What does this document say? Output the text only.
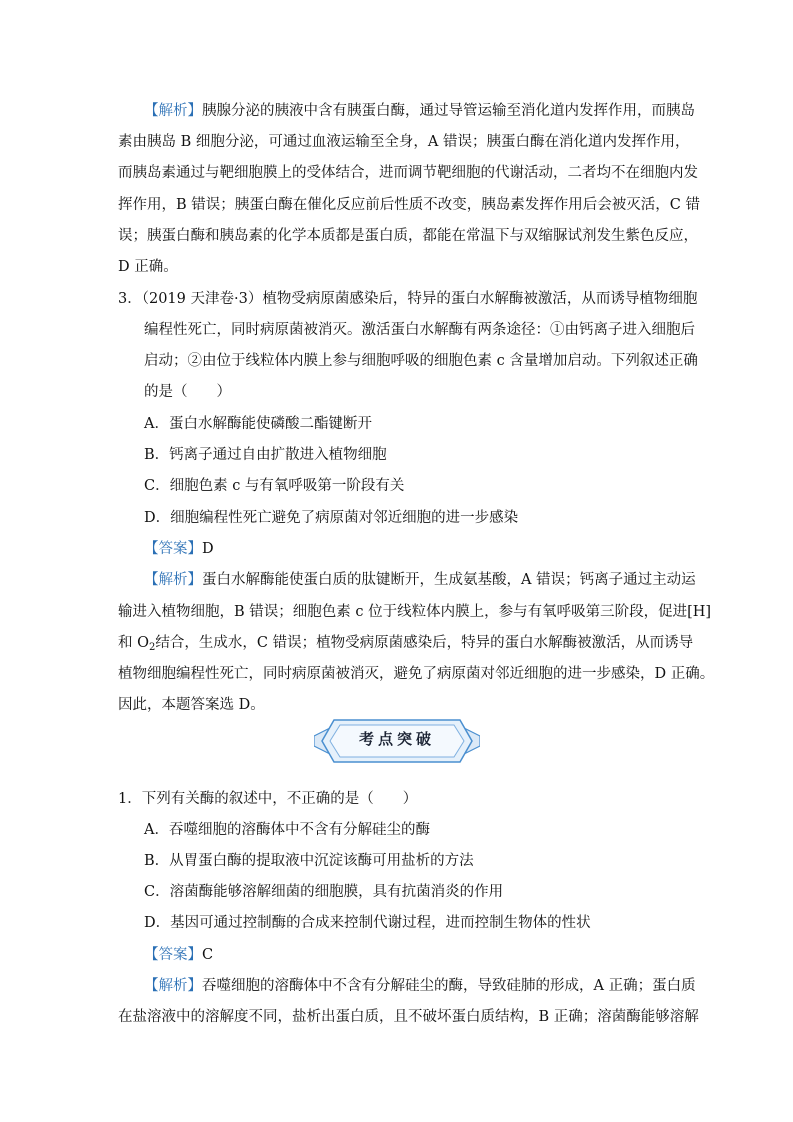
【解析】胰腺分泌的胰液中含有胰蛋白酶，通过导管运输至消化道内发挥作用，而胰岛
素由胰岛 B 细胞分泌，可通过血液运输至全身，A 错误；胰蛋白酶在消化道内发挥作用，
而胰岛素通过与靶细胞膜上的受体结合，进而调节靶细胞的代谢活动，二者均不在细胞内发
挥作用，B 错误；胰蛋白酶在催化反应前后性质不改变，胰岛素发挥作用后会被灭活，C 错
误；胰蛋白酶和胰岛素的化学本质都是蛋白质，都能在常温下与双缩脲试剂发生紫色反应，
D 正确。
3．（2019 天津卷·3）植物受病原菌感染后，特异的蛋白水解酶被激活，从而诱导植物细胞
编程性死亡，同时病原菌被消灭。激活蛋白水解酶有两条途径：①由钙离子进入细胞后
启动；②由位于线粒体内膜上参与细胞呼吸的细胞色素 c 含量增加启动。下列叙述正确
的是（　　）
A．蛋白水解酶能使磷酸二酯键断开
B．钙离子通过自由扩散进入植物细胞
C．细胞色素 c 与有氧呼吸第一阶段有关
D．细胞编程性死亡避免了病原菌对邻近细胞的进一步感染
【答案】D
【解析】蛋白水解酶能使蛋白质的肽键断开，生成氨基酸，A 错误；钙离子通过主动运
输进入植物细胞，B 错误；细胞色素 c 位于线粒体内膜上，参与有氧呼吸第三阶段，促进[H]
和 $O_2$结合，生成水，C 错误；植物受病原菌感染后，特异的蛋白水解酶被激活，从而诱导
植物细胞编程性死亡，同时病原菌被消灭，避免了病原菌对邻近细胞的进一步感染，D 正确。
因此，本题答案选 D。
考点突破
1．下列有关酶的叙述中，不正确的是（　　）
A．吞噬细胞的溶酶体中不含有分解硅尘的酶
B．从胃蛋白酶的提取液中沉淀该酶可用盐析的方法
C．溶菌酶能够溶解细菌的细胞膜，具有抗菌消炎的作用
D．基因可通过控制酶的合成来控制代谢过程，进而控制生物体的性状
【答案】C
【解析】吞噬细胞的溶酶体中不含有分解硅尘的酶，导致硅肺的形成，A 正确；蛋白质
在盐溶液中的溶解度不同，盐析出蛋白质，且不破坏蛋白质结构，B 正确；溶菌酶能够溶解
